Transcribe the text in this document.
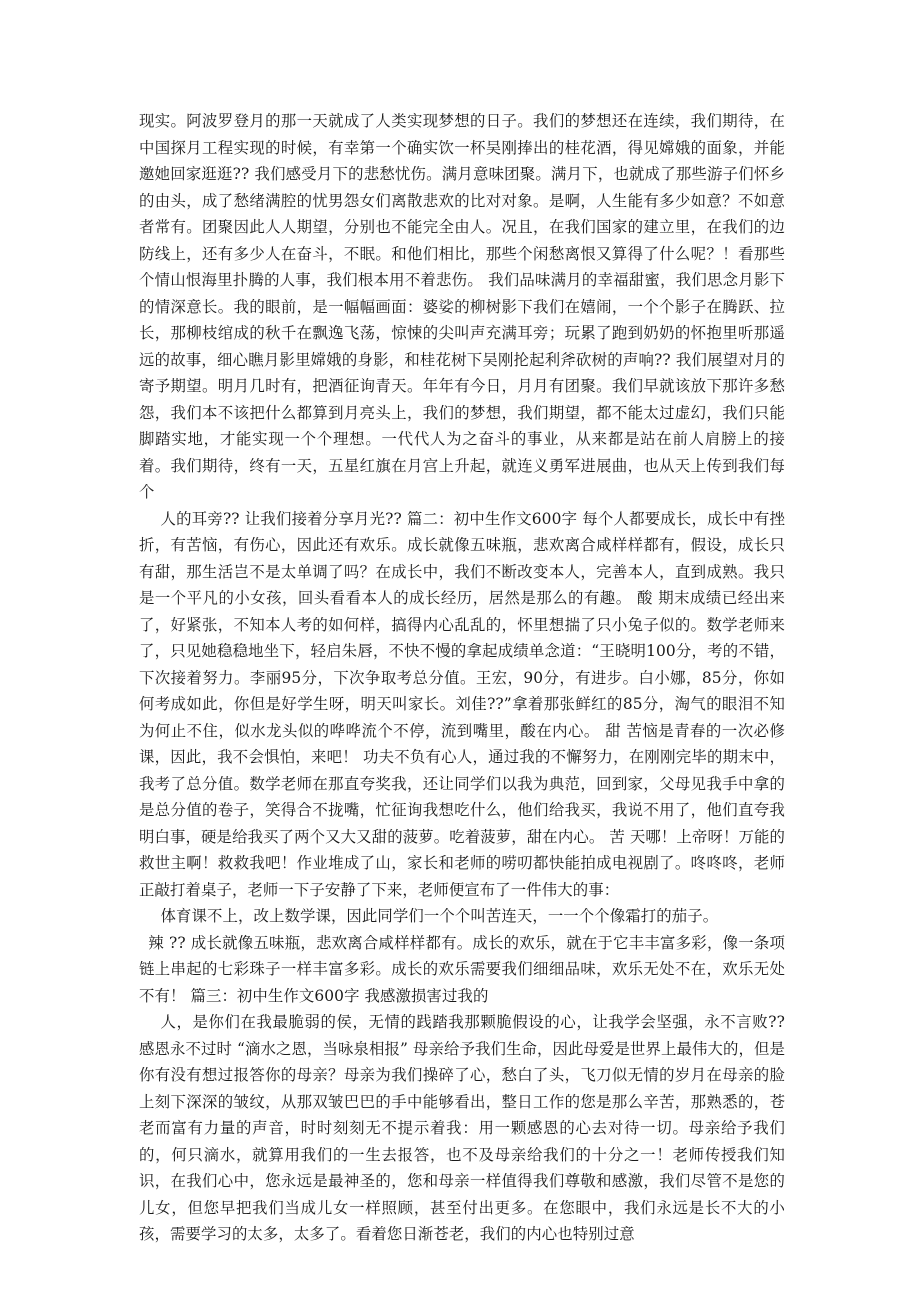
现实。阿波罗登月的那一天就成了人类实现梦想的日子。我们的梦想还在连续，我们期待，在中国探月工程实现的时候，有幸第一个确实饮一杯吴刚捧出的桂花酒，得见嫦娥的面象，并能邀她回家逛逛?? 我们感受月下的悲愁忧伤。满月意味团聚。满月下，也就成了那些游子们怀乡的由头，成了愁绪满腔的忧男怨女们离散悲欢的比对对象。是啊，人生能有多少如意？不如意者常有。团聚因此人人期望，分别也不能完全由人。况且，在我们国家的建立里，在我们的边防线上，还有多少人在奋斗，不眠。和他们相比，那些个闲愁离恨又算得了什么呢？！看那些个情山恨海里扑腾的人事，我们根本用不着悲伤。 我们品味满月的幸福甜蜜，我们思念月影下的情深意长。我的眼前，是一幅幅画面：婆娑的柳树影下我们在嬉闹，一个个影子在腾跃、拉长，那柳枝绾成的秋千在飘逸飞荡，惊悚的尖叫声充满耳旁；玩累了跑到奶奶的怀抱里听那遥远的故事，细心瞧月影里嫦娥的身影，和桂花树下吴刚抡起利斧砍树的声响?? 我们展望对月的寄予期望。明月几时有，把酒征询青天。年年有今日，月月有团聚。我们早就该放下那许多愁怨，我们本不该把什么都算到月亮头上，我们的梦想，我们期望，都不能太过虚幻，我们只能脚踏实地，才能实现一个个理想。一代代人为之奋斗的事业，从来都是站在前人肩膀上的接着。我们期待，终有一天，五星红旗在月宫上升起，就连义勇军进展曲，也从天上传到我们每个

人的耳旁?? 让我们接着分享月光?? 篇二：初中生作文600字 每个人都要成长，成长中有挫折，有苦恼，有伤心，因此还有欢乐。成长就像五味瓶，悲欢离合咸样样都有，假设，成长只有甜，那生活岂不是太单调了吗？在成长中，我们不断改变本人，完善本人，直到成熟。我只是一个平凡的小女孩，回头看看本人的成长经历，居然是那么的有趣。 酸 期末成绩已经出来了，好紧张，不知本人考的如何样，搞得内心乱乱的，怀里想揣了只小兔子似的。数学老师来了，只见她稳稳地坐下，轻启朱唇，不快不慢的拿起成绩单念道：“王晓明100分，考的不错，下次接着努力。李丽95分，下次争取考总分值。王宏，90分，有进步。白小娜，85分，你如何考成如此，你但是好学生呀，明天叫家长。刘佳??”拿着那张鲜红的85分，淘气的眼泪不知为何止不住，似水龙头似的哗哗流个不停，流到嘴里，酸在内心。 甜 苦恼是青春的一次必修课，因此，我不会惧怕，来吧！ 功夫不负有心人，通过我的不懈努力，在刚刚完毕的期末中，我考了总分值。数学老师在那直夸奖我，还让同学们以我为典范，回到家，父母见我手中拿的是总分值的卷子，笑得合不拢嘴，忙征询我想吃什么，他们给我买，我说不用了，他们直夸我明白事，硬是给我买了两个又大又甜的菠萝。吃着菠萝，甜在内心。 苦 天哪！上帝呀！万能的救世主啊！救救我吧！作业堆成了山，家长和老师的唠叨都快能拍成电视剧了。咚咚咚，老师正敲打着桌子，老师一下子安静了下来，老师便宣布了一件伟大的事：

体育课不上，改上数学课，因此同学们一个个叫苦连天，一一个个像霜打的茄子。

辣 ?? 成长就像五味瓶，悲欢离合咸样样都有。成长的欢乐，就在于它丰丰富多彩，像一条项链上串起的七彩珠子一样丰富多彩。成长的欢乐需要我们细细品味，欢乐无处不在，欢乐无处不有！ 篇三：初中生作文600字 我感激损害过我的

人，是你们在我最脆弱的侯，无情的践踏我那颗脆假设的心，让我学会坚强，永不言败?? 感恩永不过时 “滴水之恩，当咏泉相报” 母亲给予我们生命，因此母爱是世界上最伟大的，但是你有没有想过报答你的母亲？母亲为我们操碎了心，愁白了头，飞刀似无情的岁月在母亲的脸上刻下深深的皱纹，从那双皱巴巴的手中能够看出，整日工作的您是那么辛苦，那熟悉的，苍老而富有力量的声音，时时刻刻无不提示着我：用一颗感恩的心去对待一切。母亲给予我们的，何只滴水，就算用我们的一生去报答，也不及母亲给我们的十分之一！老师传授我们知识，在我们心中，您永远是最神圣的，您和母亲一样值得我们尊敬和感激，我们尽管不是您的儿女，但您早把我们当成儿女一样照顾，甚至付出更多。在您眼中，我们永远是长不大的小孩，需要学习的太多，太多了。看着您日渐苍老，我们的内心也特别过意
